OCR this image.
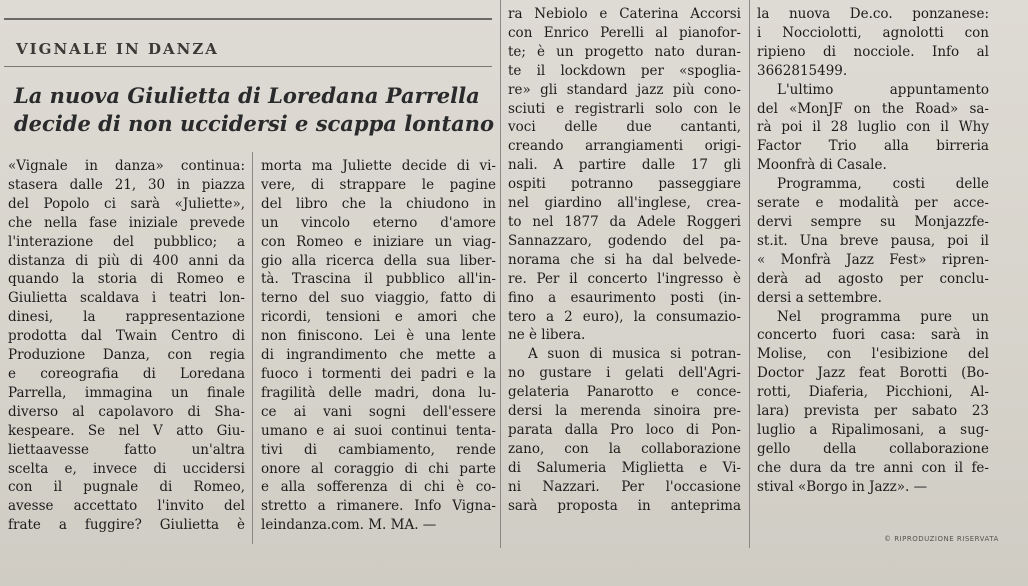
VIGNALE IN DANZA
La nuova Giulietta di Loredana Parrella
decide di non uccidersi e scappa lontano
«Vignale in danza» continua:
stasera dalle 21, 30 in piazza
del Popolo ci sarà «Juliette»,
che nella fase iniziale prevede
l'interazione del pubblico; a
distanza di più di 400 anni da
quando la storia di Romeo e
Giulietta scaldava i teatri lon-
dinesi, la rappresentazione
prodotta dal Twain Centro di
Produzione Danza, con regia
e coreografia di Loredana
Parrella, immagina un finale
diverso al capolavoro di Sha-
kespeare. Se nel V atto Giu-
liettaavesse fatto un'altra
scelta e, invece di uccidersi
con il pugnale di Romeo,
avesse accettato l'invito del
frate a fuggire? Giulietta è
morta ma Juliette decide di vi-
vere, di strappare le pagine
del libro che la chiudono in
un vincolo eterno d'amore
con Romeo e iniziare un viag-
gio alla ricerca della sua liber-
tà. Trascina il pubblico all'in-
terno del suo viaggio, fatto di
ricordi, tensioni e amori che
non finiscono. Lei è una lente
di ingrandimento che mette a
fuoco i tormenti dei padri e la
fragilità delle madri, dona lu-
ce ai vani sogni dell'essere
umano e ai suoi continui tenta-
tivi di cambiamento, rende
onore al coraggio di chi parte
e alla sofferenza di chi è co-
stretto a rimanere. Info Vigna-
leindanza.com. M. MA. —
ra Nebiolo e Caterina Accorsi
con Enrico Perelli al pianofor-
te; è un progetto nato duran-
te il lockdown per «spoglia-
re» gli standard jazz più cono-
sciuti e registrarli solo con le
voci delle due cantanti,
creando arrangiamenti origi-
nali. A partire dalle 17 gli
ospiti potranno passeggiare
nel giardino all'inglese, crea-
to nel 1877 da Adele Roggeri
Sannazzaro, godendo del pa-
norama che si ha dal belvede-
re. Per il concerto l'ingresso è
fino a esaurimento posti (in-
tero a 2 euro), la consumazio-
ne è libera.
A suon di musica si potran-
no gustare i gelati dell'Agri-
gelateria Panarotto e conce-
dersi la merenda sinoira pre-
parata dalla Pro loco di Pon-
zano, con la collaborazione
di Salumeria Miglietta e Vi-
ni Nazzari. Per l'occasione
sarà proposta in anteprima
la nuova De.co. ponzanese:
i Nocciolotti, agnolotti con
ripieno di nocciole. Info al
3662815499.
L'ultimo appuntamento
del «MonJF on the Road» sa-
rà poi il 28 luglio con il Why
Factor Trio alla birreria
Moonfrà di Casale.
Programma, costi delle
serate e modalità per acce-
dervi sempre su Monjazzfe-
st.it. Una breve pausa, poi il
« Monfrà Jazz Fest» ripren-
derà ad agosto per conclu-
dersi a settembre.
Nel programma pure un
concerto fuori casa: sarà in
Molise, con l'esibizione del
Doctor Jazz feat Borotti (Bo-
rotti, Diaferia, Picchioni, Al-
lara) prevista per sabato 23
luglio a Ripalimosani, a sug-
gello della collaborazione
che dura da tre anni con il fe-
stival «Borgo in Jazz». —
© RIPRODUZIONE RISERVATA
